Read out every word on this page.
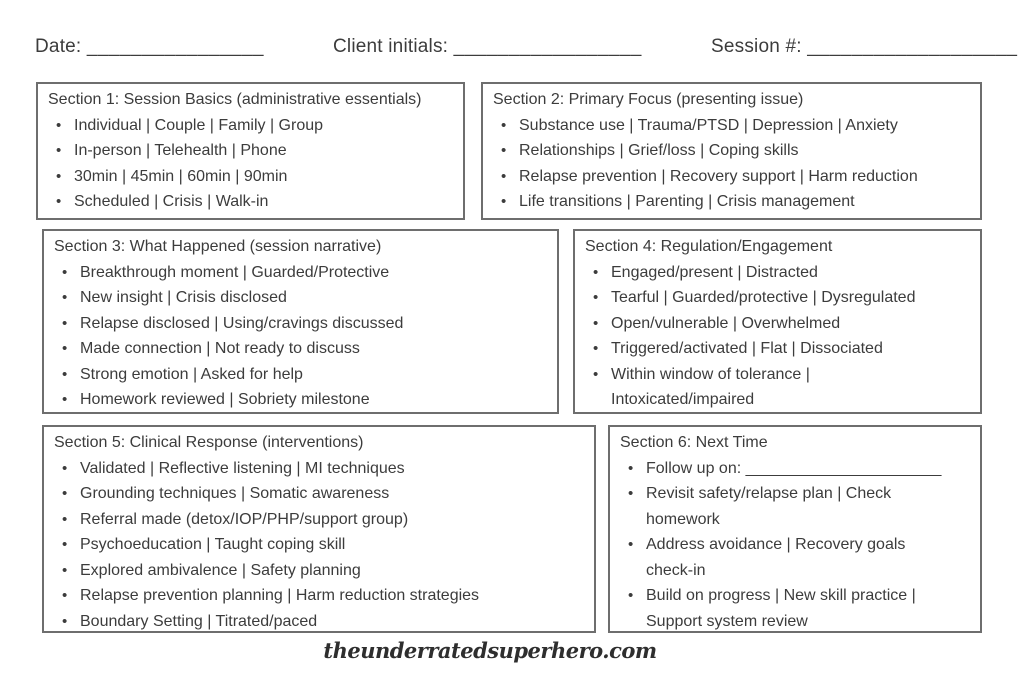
Date: ________________	Client initials: _________________	Session #: ___________________
Section 1: Session Basics (administrative essentials)
• Individual | Couple | Family | Group
• In-person | Telehealth | Phone
• 30min | 45min | 60min | 90min
• Scheduled | Crisis | Walk-in
Section 2: Primary Focus (presenting issue)
• Substance use | Trauma/PTSD | Depression | Anxiety
• Relationships | Grief/loss | Coping skills
• Relapse prevention | Recovery support | Harm reduction
• Life transitions | Parenting | Crisis management
Section 3: What Happened (session narrative)
• Breakthrough moment | Guarded/Protective
• New insight | Crisis disclosed
• Relapse disclosed | Using/cravings discussed
• Made connection | Not ready to discuss
• Strong emotion | Asked for help
• Homework reviewed | Sobriety milestone
Section 4: Regulation/Engagement
• Engaged/present | Distracted
• Tearful | Guarded/protective | Dysregulated
• Open/vulnerable | Overwhelmed
• Triggered/activated | Flat | Dissociated
• Within window of tolerance | Intoxicated/impaired
Section 5: Clinical Response (interventions)
• Validated | Reflective listening | MI techniques
• Grounding techniques | Somatic awareness
• Referral made (detox/IOP/PHP/support group)
• Psychoeducation | Taught coping skill
• Explored ambivalence | Safety planning
• Relapse prevention planning | Harm reduction strategies
• Boundary Setting | Titrated/paced
Section 6: Next Time
• Follow up on: ______________________
• Revisit safety/relapse plan | Check homework
• Address avoidance | Recovery goals check-in
• Build on progress | New skill practice | Support system review
theunderratedsuperhero.com
